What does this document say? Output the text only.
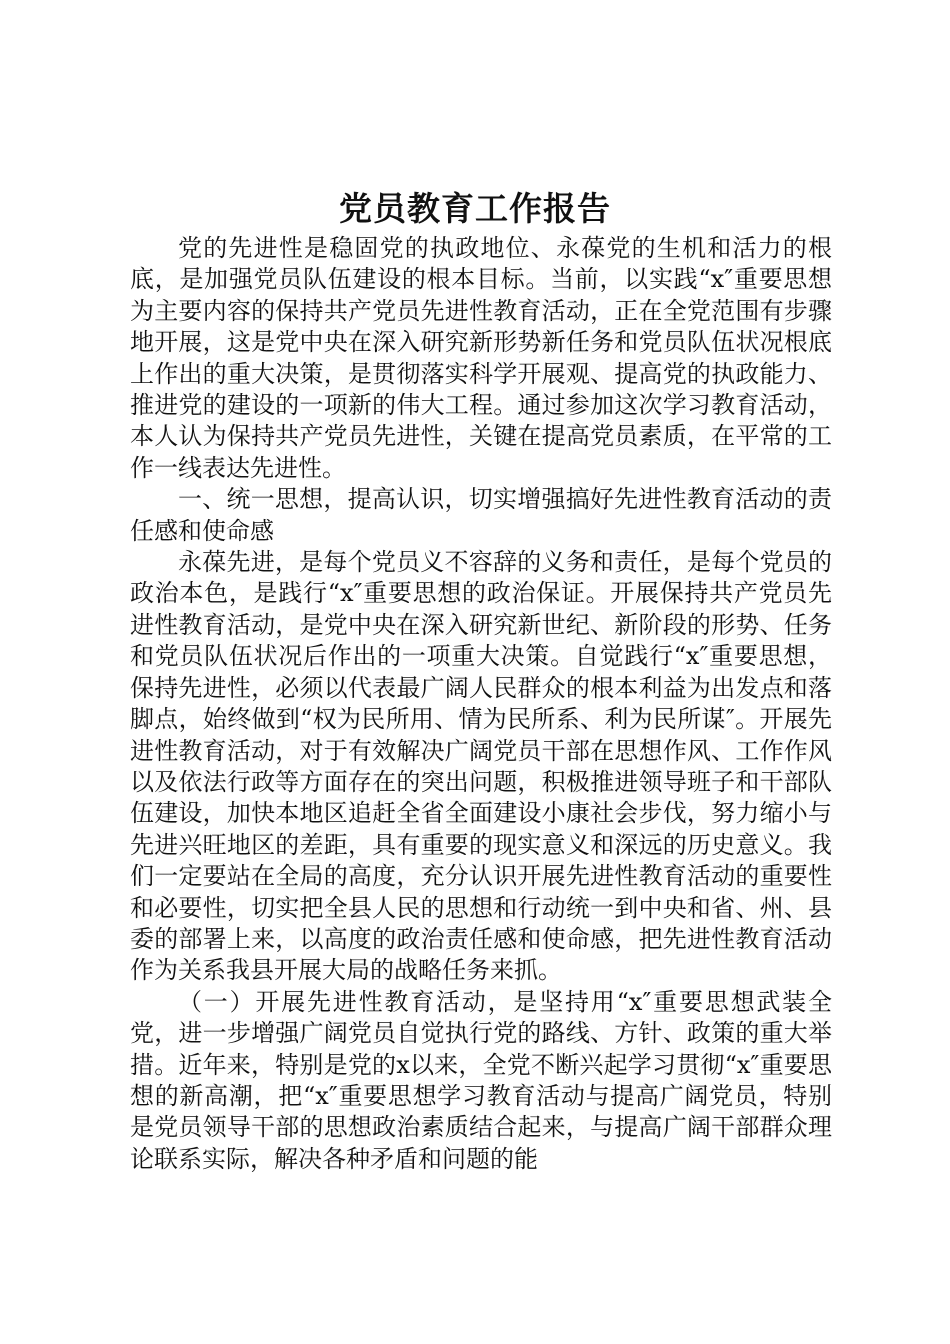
党员教育工作报告

党的先进性是稳固党的执政地位、永葆党的生机和活力的根底，是加强党员队伍建设的根本目标。当前，以实践“x″重要思想为主要内容的保持共产党员先进性教育活动，正在全党范围有步骤地开展，这是党中央在深入研究新形势新任务和党员队伍状况根底上作出的重大决策，是贯彻落实科学开展观、提高党的执政能力、推进党的建设的一项新的伟大工程。通过参加这次学习教育活动，本人认为保持共产党员先进性，关键在提高党员素质，在平常的工作一线表达先进性。

一、统一思想，提高认识，切实增强搞好先进性教育活动的责任感和使命感

永葆先进，是每个党员义不容辞的义务和责任，是每个党员的政治本色，是践行“x″重要思想的政治保证。开展保持共产党员先进性教育活动，是党中央在深入研究新世纪、新阶段的形势、任务和党员队伍状况后作出的一项重大决策。自觉践行“x″重要思想，保持先进性，必须以代表最广阔人民群众的根本利益为出发点和落脚点，始终做到“权为民所用、情为民所系、利为民所谋″。开展先进性教育活动，对于有效解决广阔党员干部在思想作风、工作作风以及依法行政等方面存在的突出问题，积极推进领导班子和干部队伍建设，加快本地区追赶全省全面建设小康社会步伐，努力缩小与先进兴旺地区的差距，具有重要的现实意义和深远的历史意义。我们一定要站在全局的高度，充分认识开展先进性教育活动的重要性和必要性，切实把全县人民的思想和行动统一到中央和省、州、县委的部署上来，以高度的政治责任感和使命感，把先进性教育活动作为关系我县开展大局的战略任务来抓。

（一）开展先进性教育活动，是坚持用“x″重要思想武装全党，进一步增强广阔党员自觉执行党的路线、方针、政策的重大举措。近年来，特别是党的x以来，全党不断兴起学习贯彻“x″重要思想的新高潮，把“x″重要思想学习教育活动与提高广阔党员，特别是党员领导干部的思想政治素质结合起来，与提高广阔干部群众理论联系实际，解决各种矛盾和问题的能
